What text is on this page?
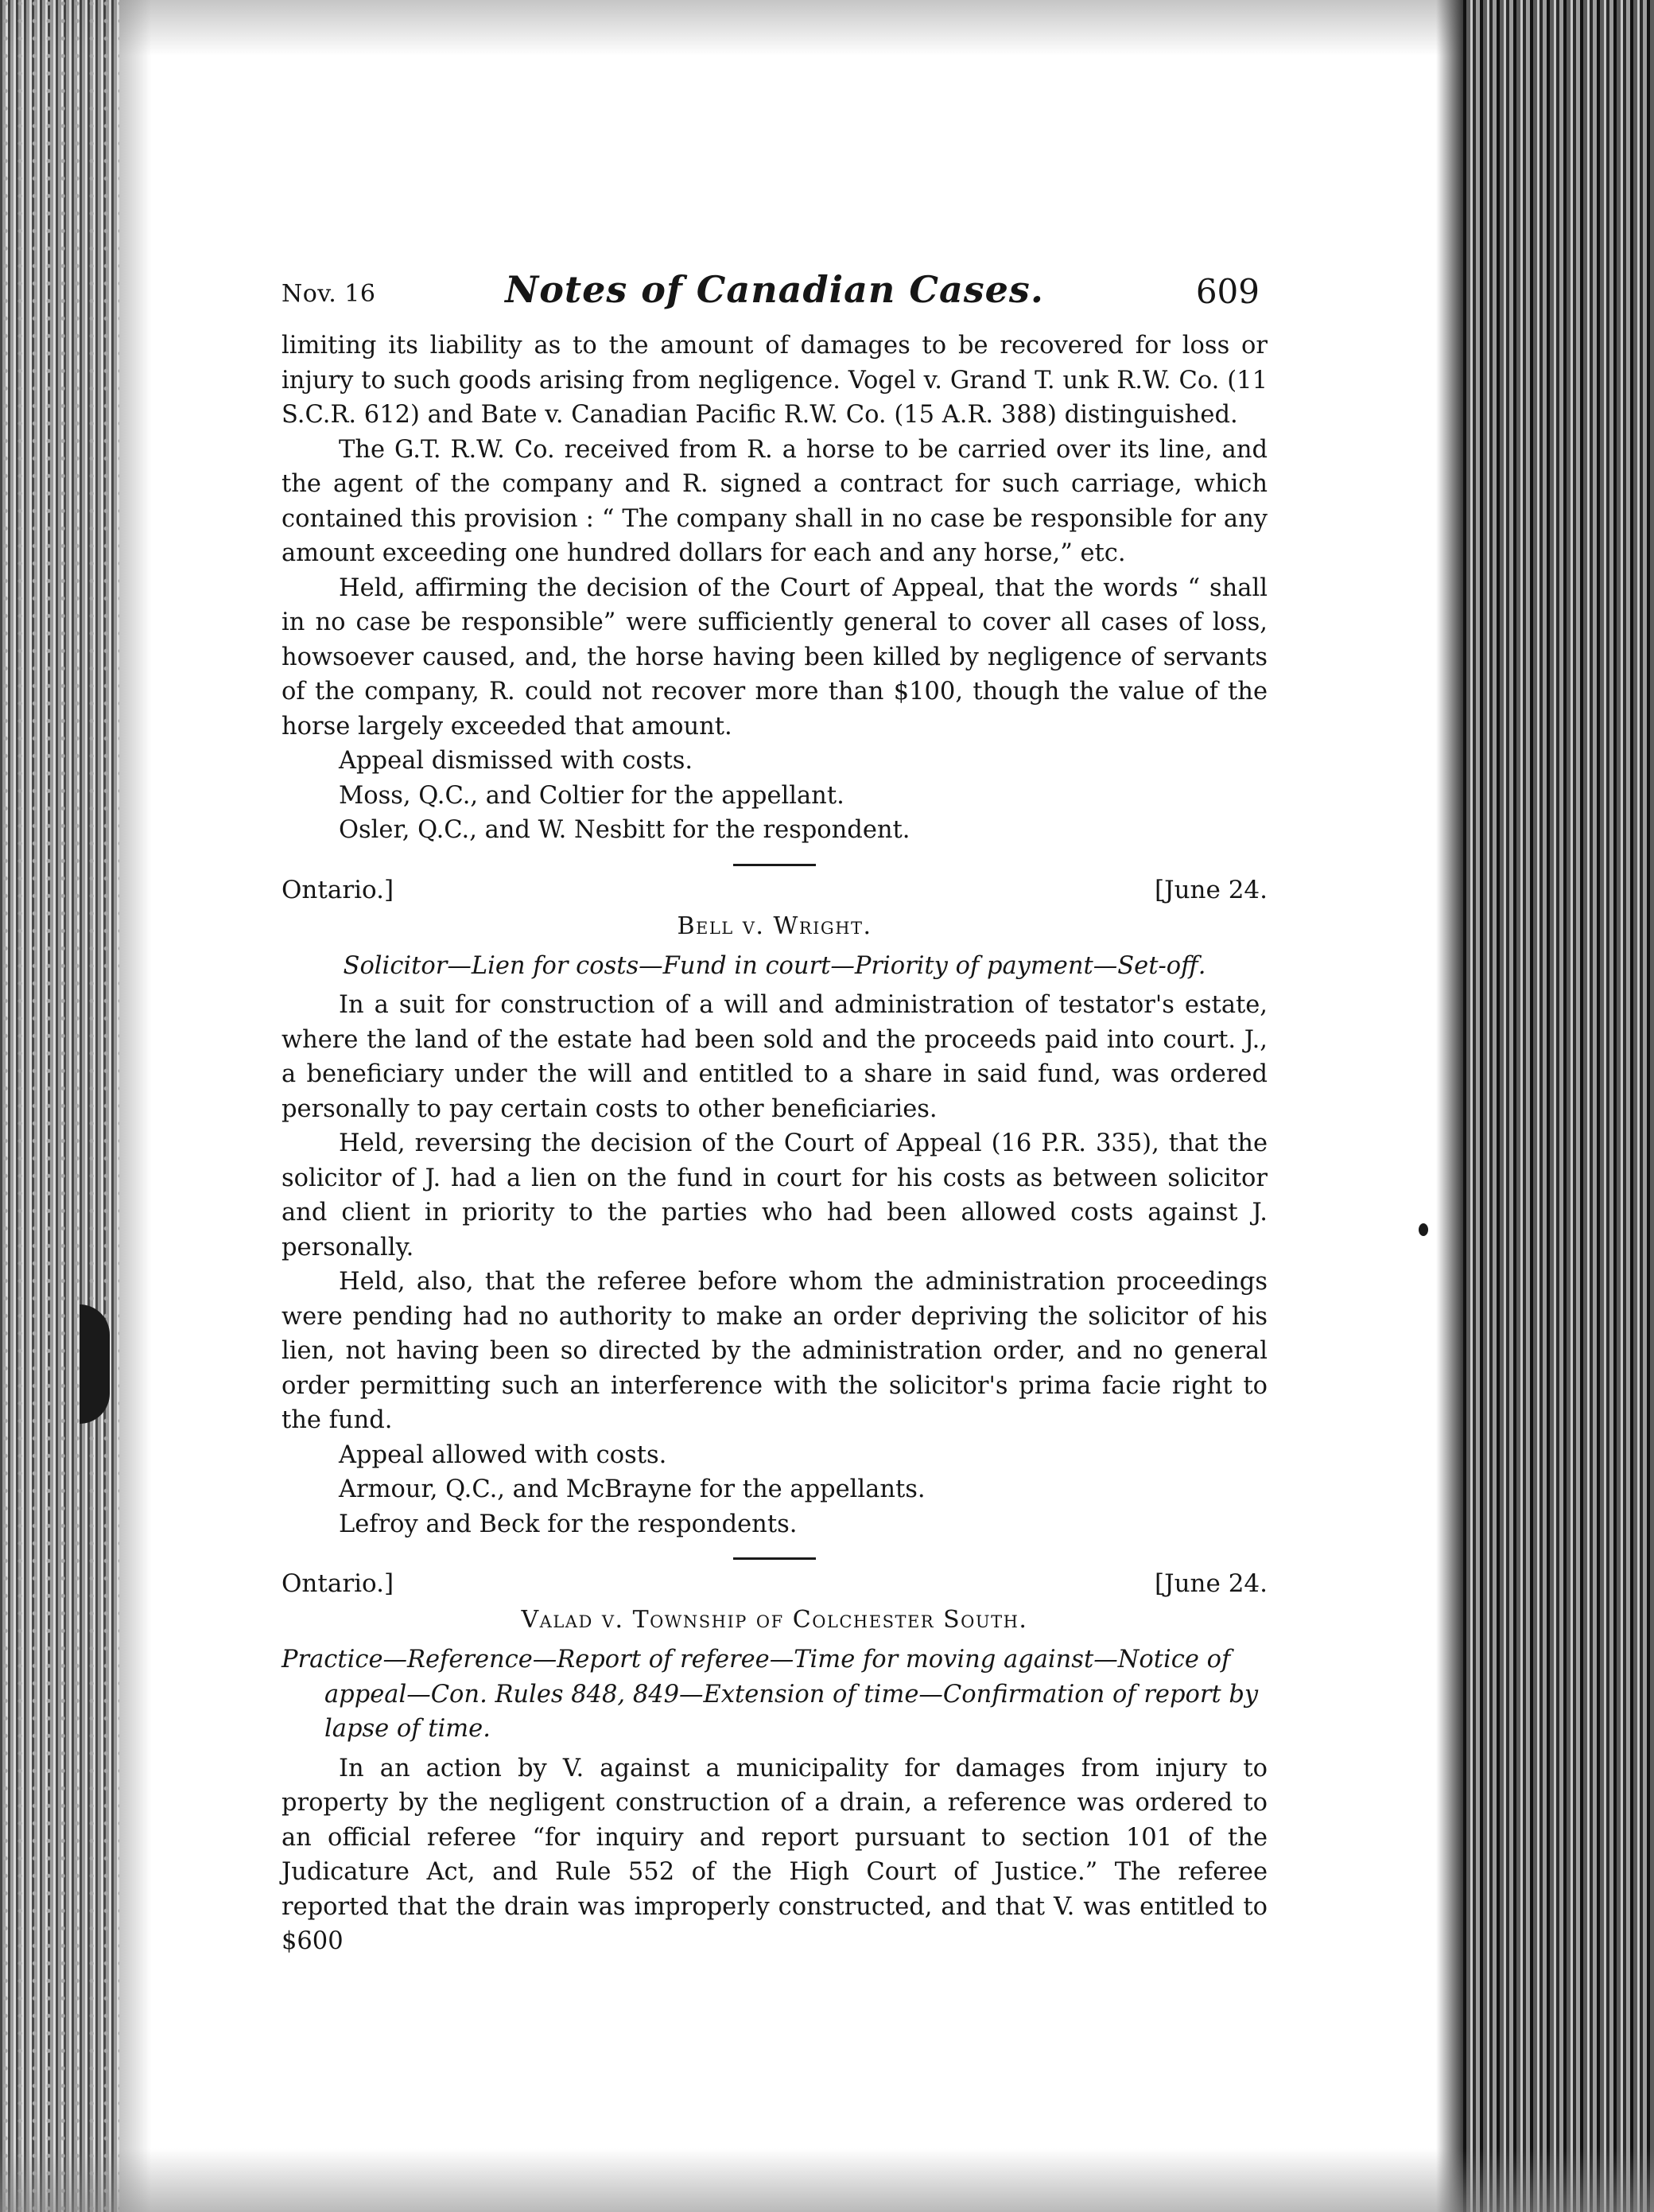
Nov. 16	Notes of Canadian Cases.	609

limiting its liability as to the amount of damages to be recovered for loss or injury to such goods arising from negligence. Vogel v. Grand T. unk R.W. Co. (11 S.C.R. 612) and Bate v. Canadian Pacific R.W. Co. (15 A.R. 388) distinguished.

The G.T. R.W. Co. received from R. a horse to be carried over its line, and the agent of the company and R. signed a contract for such carriage, which contained this provision : “ The company shall in no case be responsible for any amount exceeding one hundred dollars for each and any horse,” etc.

Held, affirming the decision of the Court of Appeal, that the words “ shall in no case be responsible” were sufficiently general to cover all cases of loss, howsoever caused, and, the horse having been killed by negligence of servants of the company, R. could not recover more than $100, though the value of the horse largely exceeded that amount.

Appeal dismissed with costs.

Moss, Q.C., and Coltier for the appellant.

Osler, Q.C., and W. Nesbitt for the respondent.

Ontario.]	[June 24.

Bell v. Wright.

Solicitor—Lien for costs—Fund in court—Priority of payment—Set-off.

In a suit for construction of a will and administration of testator's estate, where the land of the estate had been sold and the proceeds paid into court. J., a beneficiary under the will and entitled to a share in said fund, was ordered personally to pay certain costs to other beneficiaries.

Held, reversing the decision of the Court of Appeal (16 P.R. 335), that the solicitor of J. had a lien on the fund in court for his costs as between solicitor and client in priority to the parties who had been allowed costs against J. personally.

Held, also, that the referee before whom the administration proceedings were pending had no authority to make an order depriving the solicitor of his lien, not having been so directed by the administration order, and no general order permitting such an interference with the solicitor's prima facie right to the fund.

Appeal allowed with costs.

Armour, Q.C., and McBrayne for the appellants.

Lefroy and Beck for the respondents.

Ontario.]	[June 24.

Valad v. Township of Colchester South.

Practice—Reference—Report of referee—Time for moving against—Notice of appeal—Con. Rules 848, 849—Extension of time—Confirmation of report by lapse of time.

In an action by V. against a municipality for damages from injury to property by the negligent construction of a drain, a reference was ordered to an official referee “for inquiry and report pursuant to section 101 of the Judicature Act, and Rule 552 of the High Court of Justice.” The referee reported that the drain was improperly constructed, and that V. was entitled to $600
